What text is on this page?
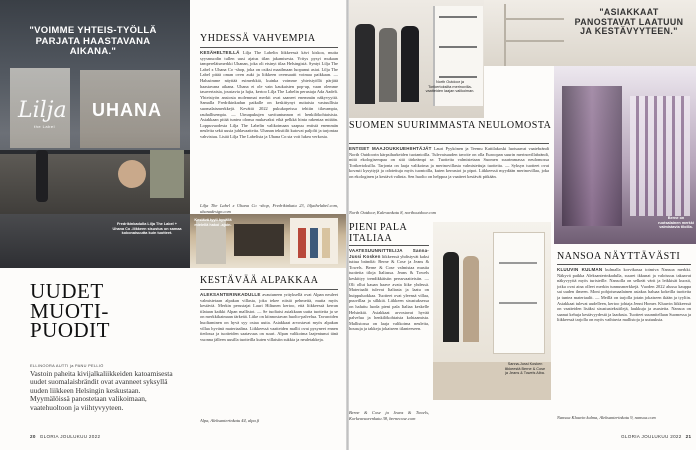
Lilja
the Label
UHANA
"VOIMME YHTEIS-TYÖLLÄ PARJATA HAASTAVANA AIKANA."
Fredrikinkadulla Lilja The Label + Uhana Co -liikkeen sisustus on samaa kokonaisuutta kuin tuotteet.
YHDESSÄ VAHVEMPIA
KESÄHELTEILLÄ Lilja The Labelin liikkeessä kävi kiskoa, mutta syysmuodin tullen uusi ajatus tilan jakamisesta. Yritys pysyi mukaan tampereläismerkki Uhanan, joka oli etsinyt tilaa Helsingistä. Syntyi Lilja The Label x Uhana Co -shop, joka on osiksi maailmaan luopunut asiat. Lilja The Label pitää oman oven auki ja liikkeen ovensaatti voimaa paikkaan. — Halusimme näyttää esimerkkiä, kuinka voimme yhteistyöllä pärjätä haastavana aikana. Uhana ei ole vain kaukaisten pop-up, vaan olemme tasavertaisia, joustavia ja lujia, kertoo Lilja The Labelin perustaja Ada Aadelt. Yhteistyön ansiosta molemmat merkit ovat saaneet enemmän näkyvyyttä. Samalla Fredrikinkadun paikalle on keskittynyt nuttaisia vastuullisia suomalaismerkkejä. Kevättä 2022 pukukopeissa tehtiin tilavampia, rauhallisempia. — Uimapukujen suvituntunnon ei henkilökohtaisista. Asiakkaan pitää tuntea olonsa mukavaksi eikä pelkkä hinta rakentaa mitään. Loppuvuodesta Lilja The Labelin valikoimaan saapuu entistä enemmän neuleita sekä uusia juhlavaatteita. Uhanan tekstiilit kutovat paljolti ja tarjontaa vahvistuu. Lisää Lilja The Labelista ja Uhana Co:sta voit lukea verkosta.
Lilja The Label x Uhana Co -shop, Fredrikinkatu 23, liljathelabel.com, uhanadesign.com
Kestävä tyyli hyvällä mielellä hakoi -ajoin.
UUDET MUOTI-PUODIT
ELLINOORA AUTTI ja PANU PELLIÖ
Vastoin paheita kivijalkaliikkeiden katoamisesta uudet suomalaisbrändit ovat avanneet syksyllä uuden liikkeen Helsingin keskustaan. Myymälöissä panostetaan valikoimaan, vaatehuoltoon ja viihtyvyyteen.
KESTÄVÄÄ ALPAKKAA
ALEKSANTERINKADULLE avautuneen yrityksellä ovat Alpan neuleet valmistetaan alpakan villasta, joka tekee niistä pehmeitä, mutta myös kestäviä. Merkin perustajat Lauri Hiltunen kertoo, että liikkeessä kerran tilataan kaikki Alpan mallistot. — Se tuoltaisi asiakkaan uutta tuotteita ja se on merkkikaimaan tärkeää. Liike on kiinnostavan huolto-palvelua. Tavaroiden huoltaminen on hyvä syy ostaa uutta. Asiakkaat arvostavat myös alpakan villaa hyvänä materiaalina. Liikkeessä vaatteiden mallit ovat pysyneet ennen tiedossa ja tuotteiden saatavuus on suuri. Alpan valikoima laajentunut tänä vuonna jälleen uusilla tuotteilla kuten villaisiin sukkia ja neuletakkeja.
Alpa, Aleksanterinkatu 44, alpa.fi
20 GLORIA JOULUKUU 2022
North Outdoor ja Torikertoksilta merinovilla-vaatteiden laajan valikoiman.
"ASIAKKAAT PANOSTAVAT LAATUUN JA KESTÄVYYTEEN."
SUOMEN SUURIMMASTA NEULOMOSTA
ENTISET MAAJOUKKUEHIIHTÄJÄT Lauri Pyykönen ja Teemu Kattilakoski luotsaavat vaatebrändi North Outdoorin kärpsiharkeiden tuotantoilla. Tulevaisuuden tavoite on olla Euroopan suurin merinovillabrändi, mitä ekologisempaa on sitä tärkeämpi se. Tuotteita valmistetaan Suomen suurimmassa neulomossa Torikertoksilla. Tarjonta on laaja valikoima ja merinovillasta valmistettuja tuotteita. — Syksyn tuotteet ovat kovasti kysyttyjä ja odotettuja myös tuontoilla, kuten kerrastot ja pipot. Liikkeessä myydään merinovillaa, joka on ekologinen ja kestävä valinta. Sen huolto on helppoa ja vaatteet kestävät pitkään.
North Outdoor, Kalevankatu 8, northoutdoor.com
Berne on ruotsalainen merkki valmistavia tiloilla.
PIENI PALA ITALIAA
VAATESUUNNITTELIJA Sanna-Jussi Kosken liikkeessä yhdistyvät kaksi tuttua brändiä: Berne & Cose ja Jeans & Towels. Berne & Cose valmistaa mustia tuotteita tiloja Italiassa. Jeans & Towels keskittyy trendikkäisiin perusvaatteisiin. — Oli ollut kauan haave avata liike yhdessä. Materiaalit tulevat Italiasta ja laatu on huippuluokkaa. Tuotteet ovat yleensä villaa, puuvillaa ja silkkiä. Liikkeen sisustuksessa on haluttu luoda pieni pala Italiaa keskelle Helsinkiä. Asiakkaat arvostavat hyvää palvelua ja henkilökohtaista kohtaamista. Mallistossa on laaja valikoima neuleita, housuja ja takkeja jokaiseen tilanteeseen.
Berne & Cose ja Jeans & Towels, Korkeavuorenkatu 38, bernecose.com
Sanna-Jussi Kosken liikkeestä Berne & Cose ja Jeans & Towels Alba.
NANSOA NÄYTTÄVÄSTI
KLUUVIN KULMAN kulmalla korvikassa toimiva Nansoa merkki. Näkyvä paikka Aleksanterinkadulla, suuret ikkunat ja valoisuus takaavat näkyvyyttä myös turisteille. Nansolla on selkeät värit ja leikkisät kuosit, jotka ovat aina olleet merkin tunnusmerkkejä. Vuoden 2022 alussa kauppa sai uuden ilmeen. Moni pohjoismaalainen asiakas haluaa kokeilla tuotteita ja tuntea materiaalit. — Meillä on tarjolla jotain jokaiseen ikään ja tyyliin. Asiakkaat tulevat uudelleen, kertoo johtaja Jenni Homer. Kluuvin liikkeessä on vaatteiden lisäksi sisustustekstiilejä, laukkuja ja asusteita. Nansoa on saanut kehuja kestävyydestä ja laadusta. Tuotteet suunnitellaan Suomessa ja liikkeessä tarjolla on myös vaihtuvia mallistoja ja uutuuksia.
Nansoa Kluuvin kulma, Aleksanterinkatu 9, nansoa.com
GLORIA JOULUKUU 2022 21
